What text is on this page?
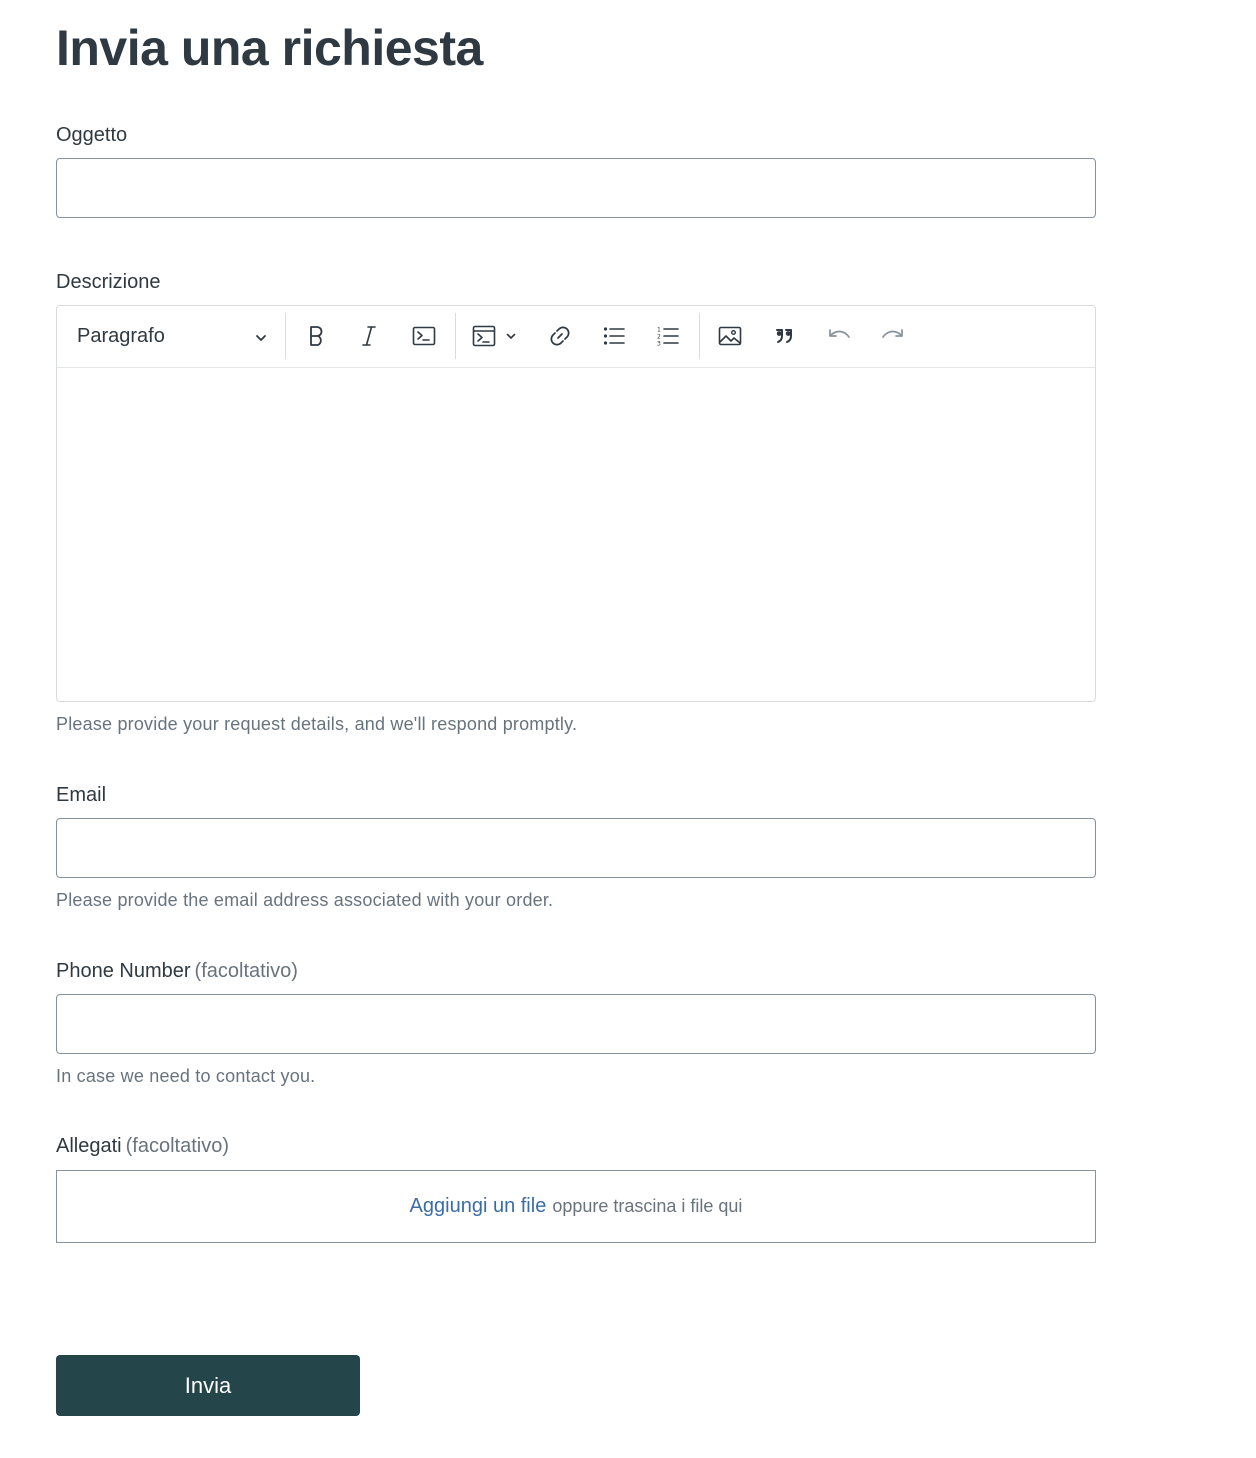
Invia una richiesta
Oggetto
Descrizione
Paragrafo	1
2
3
Please provide your request details, and we'll respond promptly.
Email
Please provide the email address associated with your order.
Phone Number (facoltativo)
In case we need to contact you.
Allegati (facoltativo)
Aggiungi un file oppure trascina i file qui
Invia
